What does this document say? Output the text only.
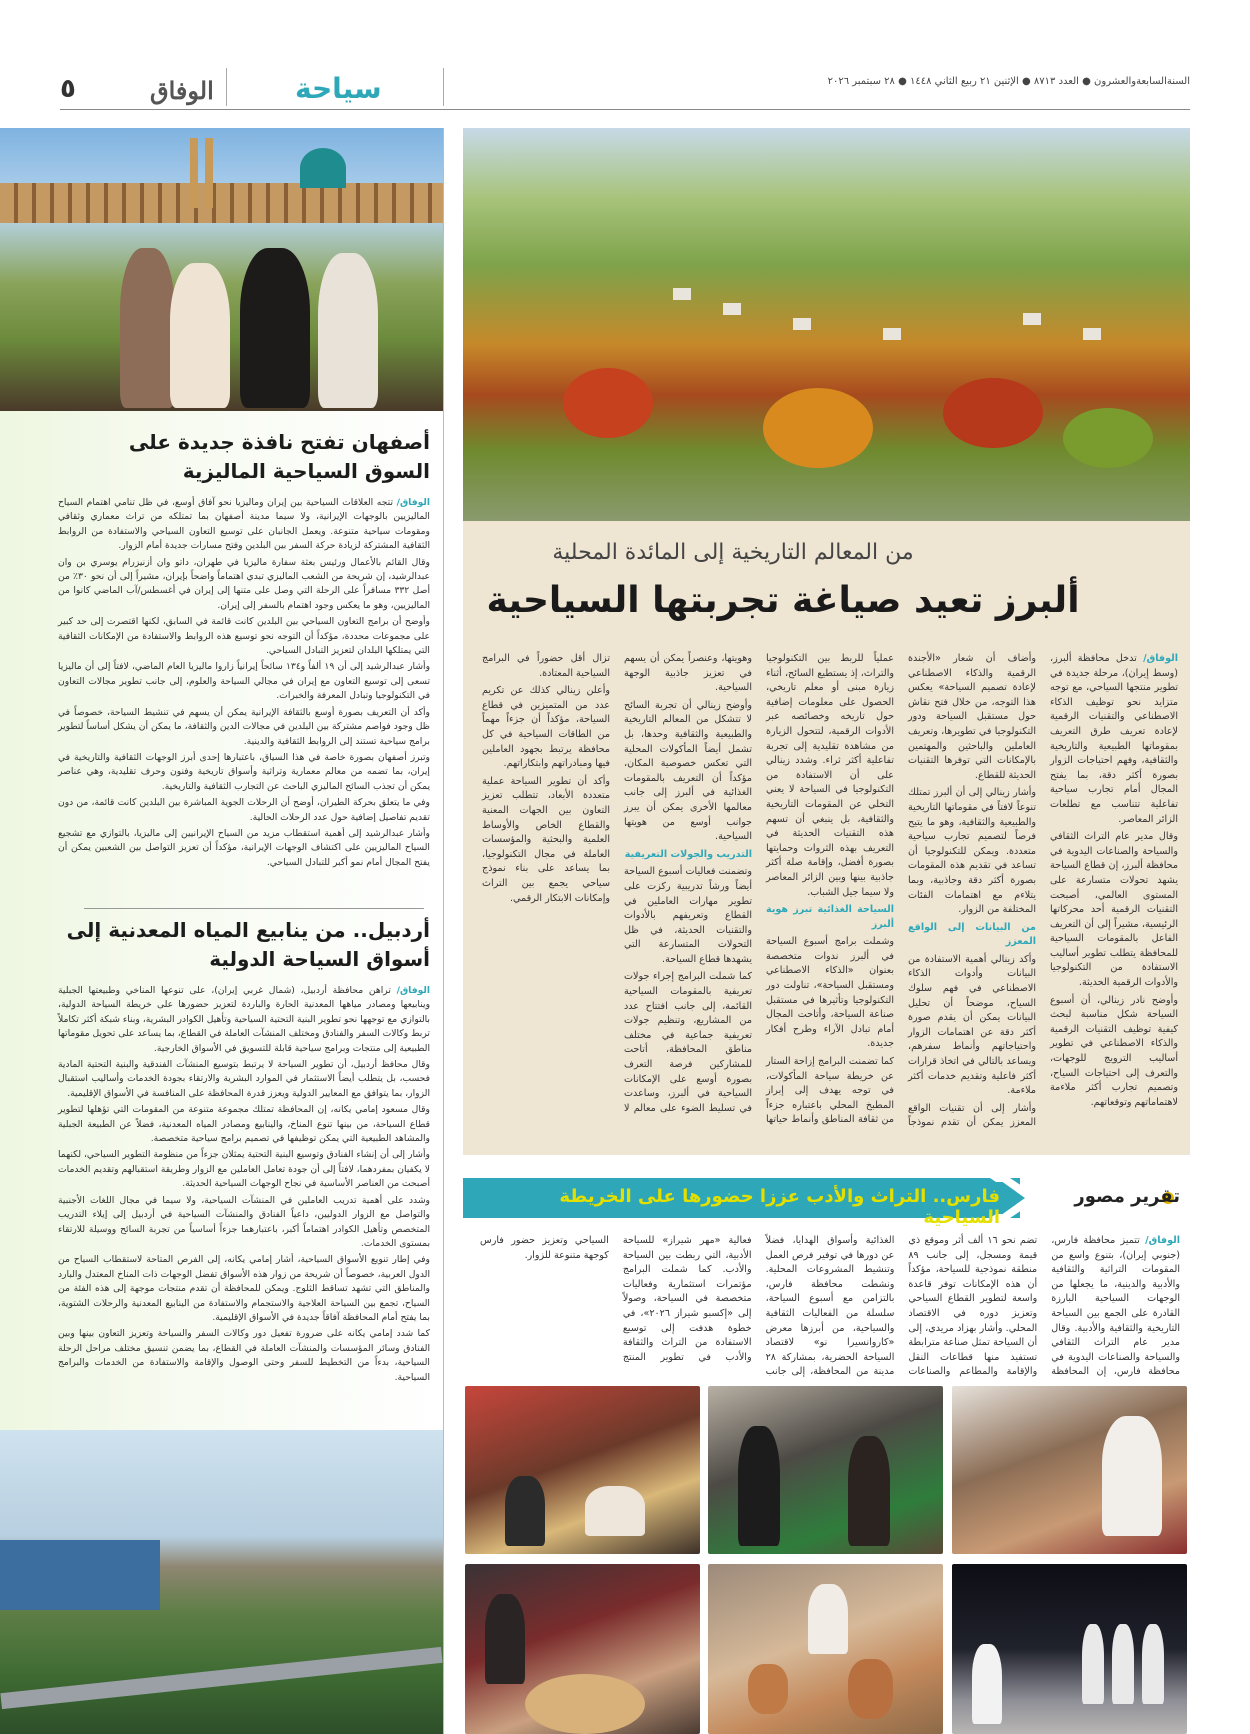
٥	الوفاق	سياحة	السنةالسابعةوالعشرون ● العدد ٨٧١٣ ● الإثنين ٢١ ربيع الثاني ١٤٤٨ ● ٢٨ سبتمبر ٢٠٢٦
أصفهان تفتح نافذة جديدة على السوق السياحية الماليزية

الوفاق/ تتجه العلاقات السياحية بين إيران وماليزيا نحو آفاق أوسع، في ظل تنامي اهتمام السياح الماليزيين بالوجهات الإيرانية، ولا سيما مدينة أصفهان بما تمتلكه من تراث معماري وثقافي ومقومات سياحية متنوعة. ويعمل الجانبان على توسيع التعاون السياحي والاستفادة من الروابط الثقافية المشتركة لزيادة حركة السفر بين البلدين وفتح مسارات جديدة أمام الزوار.

وقال القائم بالأعمال ورئيس بعثة سفارة ماليزيا في طهران، داتو وان أزنيزرام يوسري بن وان عبدالرشيد، إن شريحة من الشعب الماليزي تبدي اهتماماً واضحاً بإيران، مشيراً إلى أن نحو ٣٠٪ من أصل ٣٣٢ مسافراً على الرحلة التي وصل على متنها إلى إيران في أغسطس/آب الماضي كانوا من الماليزيين، وهو ما يعكس وجود اهتمام بالسفر إلى إيران.

وأوضح أن برامج التعاون السياحي بين البلدين كانت قائمة في السابق، لكنها اقتصرت إلى حد كبير على مجموعات محددة، مؤكداً أن التوجه نحو توسيع هذه الروابط والاستفادة من الإمكانات الثقافية التي يمتلكها البلدان لتعزيز التبادل السياحي.

وأشار عبدالرشيد إلى أن ١٩ ألفاً و١٣٤ سائحاً إيرانياً زاروا ماليزيا العام الماضي، لافتاً إلى أن ماليزيا تسعى إلى توسيع التعاون مع إيران في مجالي السياحة والعلوم، إلى جانب تطوير مجالات التعاون في التكنولوجيا وتبادل المعرفة والخبرات.

وأكد أن التعريف بصورة أوسع بالثقافة الإيرانية يمكن أن يسهم في تنشيط السياحة، خصوصاً في ظل وجود فواصم مشتركة بين البلدين في مجالات الدين والثقافة، ما يمكن أن يشكل أساساً لتطوير برامج سياحية تستند إلى الروابط الثقافية والدينية.

وتبرز أصفهان بصورة خاصة في هذا السياق، باعتبارها إحدى أبرز الوجهات الثقافية والتاريخية في إيران، بما تضمه من معالم معمارية وتراثية وأسواق تاريخية وفنون وحرف تقليدية، وهي عناصر يمكن أن تجذب السائح الماليزي الباحث عن التجارب الثقافية والتاريخية.

وفي ما يتعلق بحركة الطيران، أوضح أن الرحلات الجوية المباشرة بين البلدين كانت قائمة، من دون تقديم تفاصيل إضافية حول عدد الرحلات الحالية.

وأشار عبدالرشيد إلى أهمية استقطاب مزيد من السياح الإيرانيين إلى ماليزيا، بالتوازي مع تشجيع السياح الماليزيين على اكتشاف الوجهات الإيرانية، مؤكداً أن تعزيز التواصل بين الشعبين يمكن أن يفتح المجال أمام نمو أكبر للتبادل السياحي.

أردبيل.. من ينابيع المياه المعدنية إلى أسواق السياحة الدولية

الوفاق/ تراهن محافظة أردبيل، (شمال غربي إيران)، على تنوعها المناخي وطبيعتها الجبلية وينابيعها ومصادر مياهها المعدنية الحارة والباردة لتعزيز حضورها على خريطة السياحة الدولية، بالتوازي مع توجهها نحو تطوير البنية التحتية السياحية وتأهيل الكوادر البشرية، وبناء شبكة أكثر تكاملاً تربط وكالات السفر والفنادق ومختلف المنشآت العاملة في القطاع، بما يساعد على تحويل مقوماتها الطبيعية إلى منتجات وبرامج سياحية قابلة للتسويق في الأسواق الخارجية.

وقال محافظ أردبيل، أن تطوير السياحة لا يرتبط بتوسيع المنشآت الفندقية والبنية التحتية المادية فحسب، بل يتطلب أيضاً الاستثمار في الموارد البشرية والارتقاء بجودة الخدمات وأساليب استقبال الزوار، بما يتوافق مع المعايير الدولية ويعزز قدرة المحافظة على المنافسة في الأسواق الإقليمية.

وقال مسعود إمامي يكانه، إن المحافظة تمتلك مجموعة متنوعة من المقومات التي تؤهلها لتطوير قطاع السياحة، من بينها تنوع المناخ، والينابيع ومصادر المياه المعدنية، فضلاً عن الطبيعة الجبلية والمشاهد الطبيعية التي يمكن توظيفها في تصميم برامج سياحية متخصصة.

وأشار إلى أن إنشاء الفنادق وتوسيع البنية التحتية يمثلان جزءاً من منظومة التطوير السياحي، لكنهما لا يكفيان بمفردهما، لافتاً إلى أن جودة تعامل العاملين مع الزوار وطريقة استقبالهم وتقديم الخدمات أصبحت من العناصر الأساسية في نجاح الوجهات السياحية الحديثة.

وشدد على أهمية تدريب العاملين في المنشآت السياحية، ولا سيما في مجال اللغات الأجنبية والتواصل مع الزوار الدوليين، داعياً الفنادق والمنشآت السياحية في أردبيل إلى إيلاء التدريب المتخصص وتأهيل الكوادر اهتماماً أكبر، باعتبارهما جزءاً أساسياً من تجربة السائح ووسيلة للارتقاء بمستوى الخدمات.

وفي إطار تنويع الأسواق السياحية، أشار إمامي يكانه، إلى الفرص المتاحة لاستقطاب السياح من الدول العربية، خصوصاً أن شريحة من زوار هذه الأسواق تفضل الوجهات ذات المناخ المعتدل والبارد والمناطق التي تشهد تساقط الثلوج. ويمكن للمحافظة أن تقدم منتجات موجهة إلى هذه الفئة من السياح، تجمع بين السياحة العلاجية والاستجمام والاستفادة من الينابيع المعدنية والرحلات الشتوية، بما يفتح أمام المحافظة آفاقاً جديدة في الأسواق الإقليمية.

كما شدد إمامي يكانه على ضرورة تفعيل دور وكالات السفر والسياحة وتعزيز التعاون بينها وبين الفنادق وسائر المؤسسات والمنشآت العاملة في القطاع، بما يضمن تنسيق مختلف مراحل الرحلة السياحية، بدءاً من التخطيط للسفر وحتى الوصول والإقامة والاستفادة من الخدمات والبرامج السياحية.

من المعالم التاريخية إلى المائدة المحلية
ألبرز تعيد صياغة تجربتها السياحية

الوفاق/ تدخل محافظة ألبرز، (وسط إيران)، مرحلة جديدة في تطوير منتجها السياحي، مع توجه متزايد نحو توظيف الذكاء الاصطناعي والتقنيات الرقمية لإعادة تعريف طرق التعريف بمقوماتها الطبيعية والتاريخية والثقافية، وفهم احتياجات الزوار بصورة أكثر دقة، بما يفتح المجال أمام تجارب سياحية تفاعلية تتناسب مع تطلعات الزائر المعاصر.

وقال مدير عام التراث الثقافي والسياحة والصناعات اليدوية في محافظة ألبرز، إن قطاع السياحة يشهد تحولات متسارعة على المستوى العالمي، أصبحت التقنيات الرقمية أحد محركاتها الرئيسية، مشيراً إلى أن التعريف الفاعل بالمقومات السياحية للمحافظة يتطلب تطوير أساليب الاستفادة من التكنولوجيا والأدوات الرقمية الحديثة.

وأوضح نادر زينالي، أن أسبوع السياحة شكل مناسبة لبحث كيفية توظيف التقنيات الرقمية والذكاء الاصطناعي في تطوير أساليب الترويج للوجهات، والتعرف إلى احتياجات السياح، وتصميم تجارب أكثر ملاءمة لاهتماماتهم وتوقعاتهم.

وأضاف أن شعار «الأجندة الرقمية والذكاء الاصطناعي لإعادة تصميم السياحة» يعكس هذا التوجه، من خلال فتح نقاش حول مستقبل السياحة ودور التكنولوجيا في تطويرها، وتعريف العاملين والباحثين والمهتمين بالإمكانات التي توفرها التقنيات الحديثة للقطاع.

وأشار زينالي إلى أن ألبرز تمتلك تنوعاً لافتاً في مقوماتها التاريخية والطبيعية والثقافية، وهو ما يتيح فرصاً لتصميم تجارب سياحية متعددة. ويمكن للتكنولوجيا أن تساعد في تقديم هذه المقومات بصورة أكثر دقة وجاذبية، وبما يتلاءم مع اهتمامات الفئات المختلفة من الزوار.

من البيانات إلى الواقع المعزز

وأكد زينالي أهمية الاستفادة من البيانات وأدوات الذكاء الاصطناعي في فهم سلوك السياح، موضحاً أن تحليل البيانات يمكن أن يقدم صورة أكثر دقة عن اهتمامات الزوار واحتياجاتهم وأنماط سفرهم، ويساعد بالتالي في اتخاذ قرارات أكثر فاعلية وتقديم خدمات أكثر ملاءمة.

وأشار إلى أن تقنيات الواقع المعزز يمكن أن تقدم نموذجاً عملياً للربط بين التكنولوجيا والتراث، إذ يستطيع السائح، أثناء زيارة مبنى أو معلم تاريخي، الحصول على معلومات إضافية حول تاريخه وخصائصه عبر الأدوات الرقمية، لتتحول الزيارة من مشاهدة تقليدية إلى تجربة تفاعلية أكثر ثراء. وشدد زينالي على أن الاستفادة من التكنولوجيا في السياحة لا يعني التخلي عن المقومات التاريخية والثقافية، بل ينبغي أن تسهم هذه التقنيات الحديثة في التعريف بهذه الثروات وحمايتها بصورة أفضل، وإقامة صلة أكثر جاذبية بينها وبين الزائر المعاصر ولا سيما جيل الشباب.

السياحة الغذائية تبرز هوية ألبرز

وشملت برامج أسبوع السياحة في ألبرز ندوات متخصصة بعنوان «الذكاء الاصطناعي ومستقبل السياحة»، تناولت دور التكنولوجيا وتأثيرها في مستقبل صناعة السياحة، وأتاحت المجال أمام تبادل الآراء وطرح أفكار جديدة.

كما تضمنت البرامج إزاحة الستار عن خريطة سياحة المأكولات، في توجه يهدف إلى إبراز المطبخ المحلي باعتباره جزءاً من ثقافة المناطق وأنماط حياتها وهويتها، وعنصراً يمكن أن يسهم في تعزيز جاذبية الوجهة السياحية.

وأوضح زينالي أن تجربة السائح لا تتشكل من المعالم التاريخية والطبيعية والثقافية وحدها، بل تشمل أيضاً المأكولات المحلية التي تعكس خصوصية المكان، مؤكداً أن التعريف بالمقومات الغذائية في ألبرز إلى جانب معالمها الأخرى يمكن أن يبرز جوانب أوسع من هويتها السياحية.

التدريب والجولات التعريفية

وتضمنت فعاليات أسبوع السياحة أيضاً ورشاً تدريبية ركزت على تطوير مهارات العاملين في القطاع وتعريفهم بالأدوات والتقنيات الحديثة، في ظل التحولات المتسارعة التي يشهدها قطاع السياحة.

كما شملت البرامج إجراء جولات تعريفية بالمقومات السياحية القائمة، إلى جانب افتتاح عدد من المشاريع، وتنظيم جولات تعريفية جماعية في مختلف مناطق المحافظة، أتاحت للمشاركين فرصة التعرف بصورة أوسع على الإمكانات السياحية في ألبرز، وساعدت في تسليط الضوء على معالم لا تزال أقل حضوراً في البرامج السياحية المعتادة.

وأعلن زينالي كذلك عن تكريم عدد من المتميزين في قطاع السياحة، مؤكداً أن جزءاً مهماً من الطاقات السياحية في كل محافظة يرتبط بجهود العاملين فيها ومبادراتهم وابتكاراتهم.

وأكد أن تطوير السياحة عملية متعددة الأبعاد، تتطلب تعزيز التعاون بين الجهات المعنية والقطاع الخاص والأوساط العلمية والبحثية والمؤسسات العاملة في مجال التكنولوجيا، بما يساعد على بناء نموذج سياحي يجمع بين التراث وإمكانات الابتكار الرقمي.

تقرير مصور
فارس.. التراث والأدب عززا حضورها على الخريطة السياحية
الوفاق/ تتميز محافظة فارس، (جنوبي إيران)، بتنوع واسع من المقومات التراثية والثقافية والأدبية والدينية، ما يجعلها من الوجهات السياحية البارزة القادرة على الجمع بين السياحة التاريخية والثقافية والأدبية. وقال مدير عام التراث الثقافي والسياحة والصناعات اليدوية في محافظة فارس، إن المحافظة تضم نحو ١٦ ألف أثر وموقع ذي قيمة ومسجل، إلى جانب ٨٩ منطقة نموذجية للسياحة، مؤكداً أن هذه الإمكانات توفر قاعدة واسعة لتطوير القطاع السياحي وتعزيز دوره في الاقتصاد المحلي. وأشار بهزاد مريدي، إلى أن السياحة تمثل صناعة مترابطة تستفيد منها قطاعات النقل والإقامة والمطاعم والصناعات الغذائية وأسواق الهدايا، فضلاً عن دورها في توفير فرص العمل وتنشيط المشروعات المحلية. ونشطت محافظة فارس، بالتزامن مع أسبوع السياحة، سلسلة من الفعاليات الثقافية والسياحية، من أبرزها معرض «كاروانسيرا نو» لاقتصاد السياحة الحضرية، بمشاركة ٢٨ مدينة من المحافظة، إلى جانب فعالية «مهر شيراز» للسياحة الأدبية، التي ربطت بين السياحة والأدب. كما شملت البرامج مؤتمرات استثمارية وفعاليات متخصصة في السياحة، وصولاً إلى «إكسبو شيراز ٢٠٢٦»، في خطوة هدفت إلى توسيع الاستفادة من التراث والثقافة والأدب في تطوير المنتج السياحي وتعزيز حضور فارس كوجهة متنوعة للزوار.
